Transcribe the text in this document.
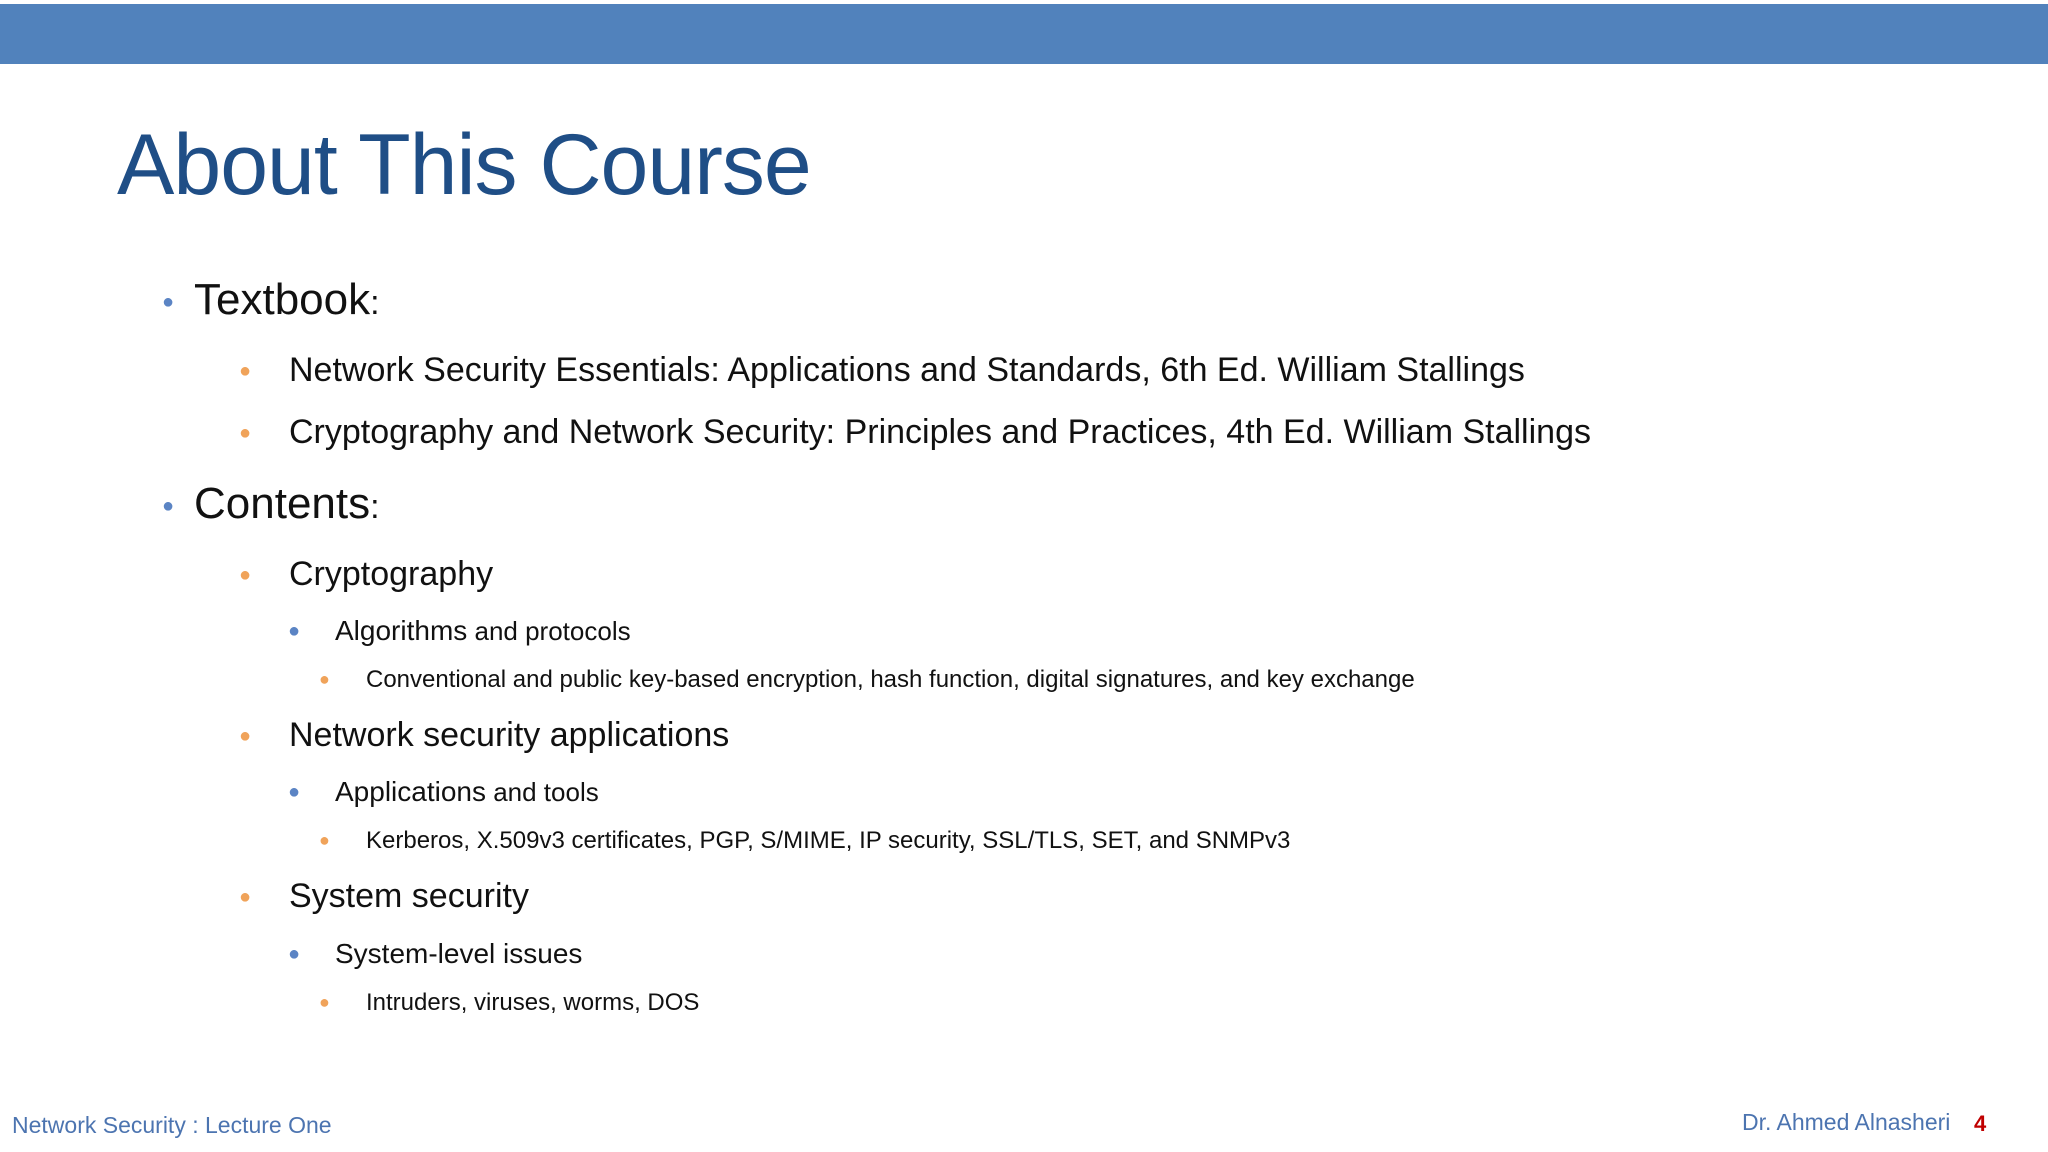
About This Course
● Textbook:
● Network Security Essentials: Applications and Standards, 6th Ed. William Stallings
● Cryptography and Network Security: Principles and Practices, 4th Ed. William Stallings
● Contents:
● Cryptography
● Algorithms and protocols
● Conventional and public key-based encryption, hash function, digital signatures, and key exchange
● Network security applications
● Applications and tools
● Kerberos, X.509v3 certificates, PGP, S/MIME, IP security, SSL/TLS, SET, and SNMPv3
● System security
● System-level issues
● Intruders, viruses, worms, DOS
Network Security : Lecture One	Dr. Ahmed Alnasheri 4
